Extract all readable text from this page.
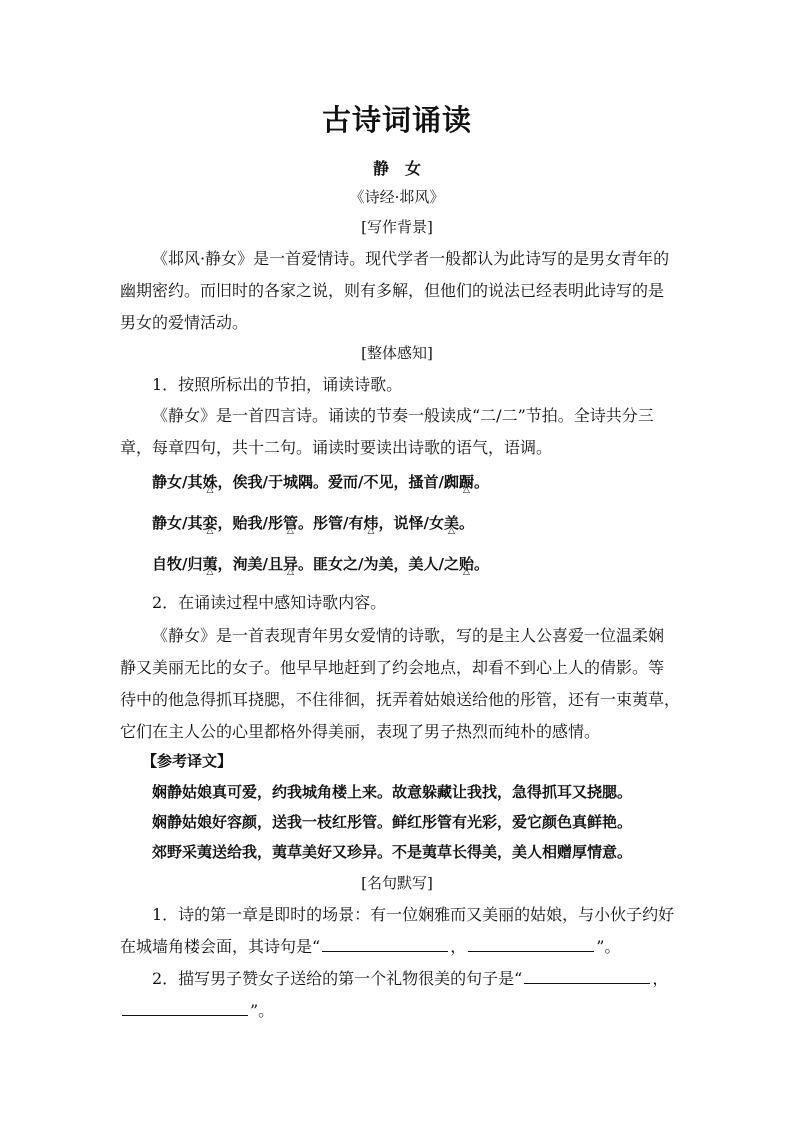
古诗词诵读
静　女
《诗经·邶风》
[写作背景]
《邶风·静女》是一首爱情诗。现代学者一般都认为此诗写的是男女青年的
幽期密约。而旧时的各家之说，则有多解，但他们的说法已经表明此诗写的是
男女的爱情活动。
[整体感知]
1．按照所标出的节拍，诵读诗歌。
《静女》是一首四言诗。诵读的节奏一般读成“二/二”节拍。全诗共分三
章，每章四句，共十二句。诵读时要读出诗歌的语气，语调。
静女/其姝 △，俟我/于城隅。爱而/不见，搔首/踟蹰 △。
静女/其娈 △，贻我/彤管 △。彤管/有炜 △，说怿/女美 △。
自牧/归荑 △，洵美/且异 △。匪女之/为美，美人/之贻 △。
2．在诵读过程中感知诗歌内容。
《静女》是一首表现青年男女爱情的诗歌，写的是主人公喜爱一位温柔娴
静又美丽无比的女子。他早早地赶到了约会地点，却看不到心上人的倩影。等
待中的他急得抓耳挠腮，不住徘徊，抚弄着姑娘送给他的彤管，还有一束荑草，
它们在主人公的心里都格外得美丽，表现了男子热烈而纯朴的感情。
【参考译文】
娴静姑娘真可爱，约我城角楼上来。故意躲藏让我找，急得抓耳又挠腮。
娴静姑娘好容颜，送我一枝红彤管。鲜红彤管有光彩，爱它颜色真鲜艳。
郊野采荑送给我，荑草美好又珍异。不是荑草长得美，美人相赠厚情意。
[名句默写]
1．诗的第一章是即时的场景：有一位娴雅而又美丽的姑娘，与小伙子约好
在城墙角楼会面，其诗句是“	，	”。
2．描写男子赞女子送给的第一个礼物很美的句子是“	，
”。
